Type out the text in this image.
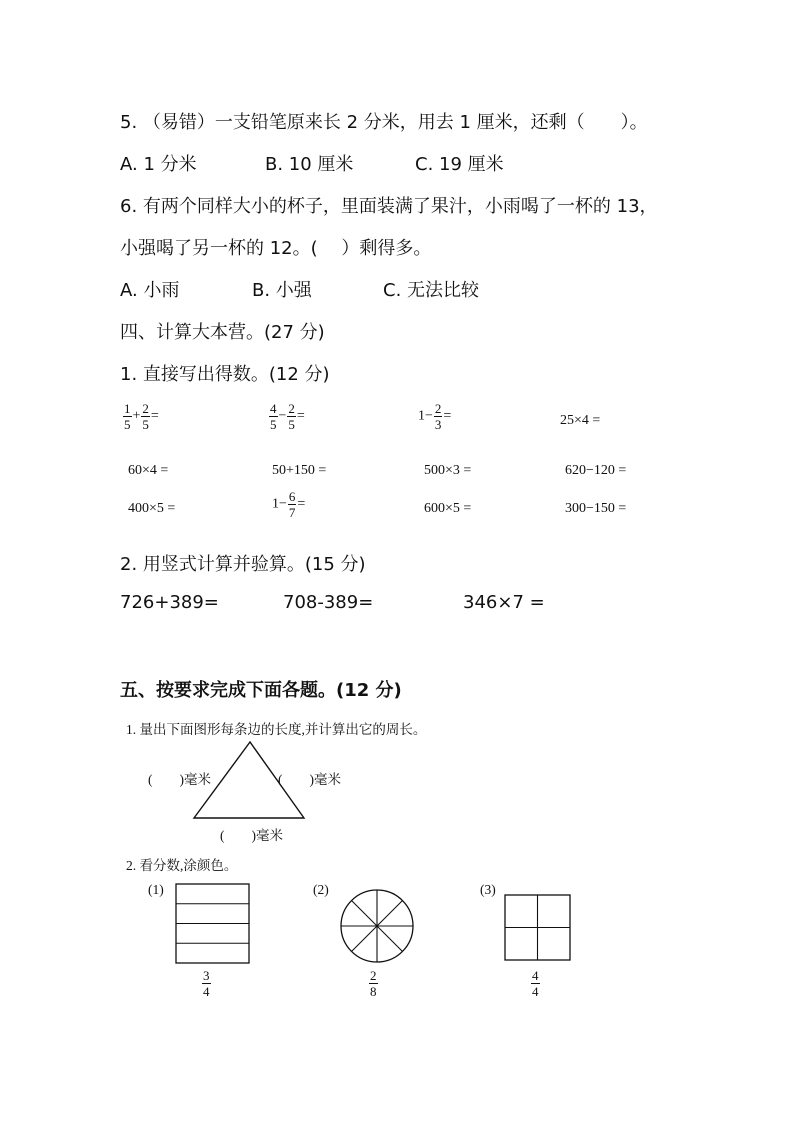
5. （易错）一支铅笔原来长 2 分米，用去 1 厘米，还剩（　　）。
A. 1 分米	B. 10 厘米	C. 19 厘米
6. 有两个同样大小的杯子，里面装满了果汁，小雨喝了一杯的 13，
小强喝了另一杯的 12。(　 ）剩得多。
A. 小雨	B. 小强	C. 无法比较
四、计算大本营。(27 分)
1. 直接写出得数。(12 分)
$\frac{1}{5} + \frac{2}{5}$ =	$\frac{4}{5} - \frac{2}{5}$ =	$1- \frac{2}{3}$ =	25×4 =
60×4 =	50+150 =	500×3 =	620−120 =
400×5 =	$1- \frac{6}{7}$ =	600×5 =	300−150 =
2. 用竖式计算并验算。(15 分)
726+389=	708-389=	346×7 =
五、按要求完成下面各题。(12 分)
1. 量出下面图形每条边的长度,并计算出它的周长。
(　　)毫米	(　　)毫米
(　　)毫米
2. 看分数,涂颜色。
(1)
$\frac{3}{4}$
(2)
$\frac{2}{8}$
(3)
$\frac{4}{4}$
